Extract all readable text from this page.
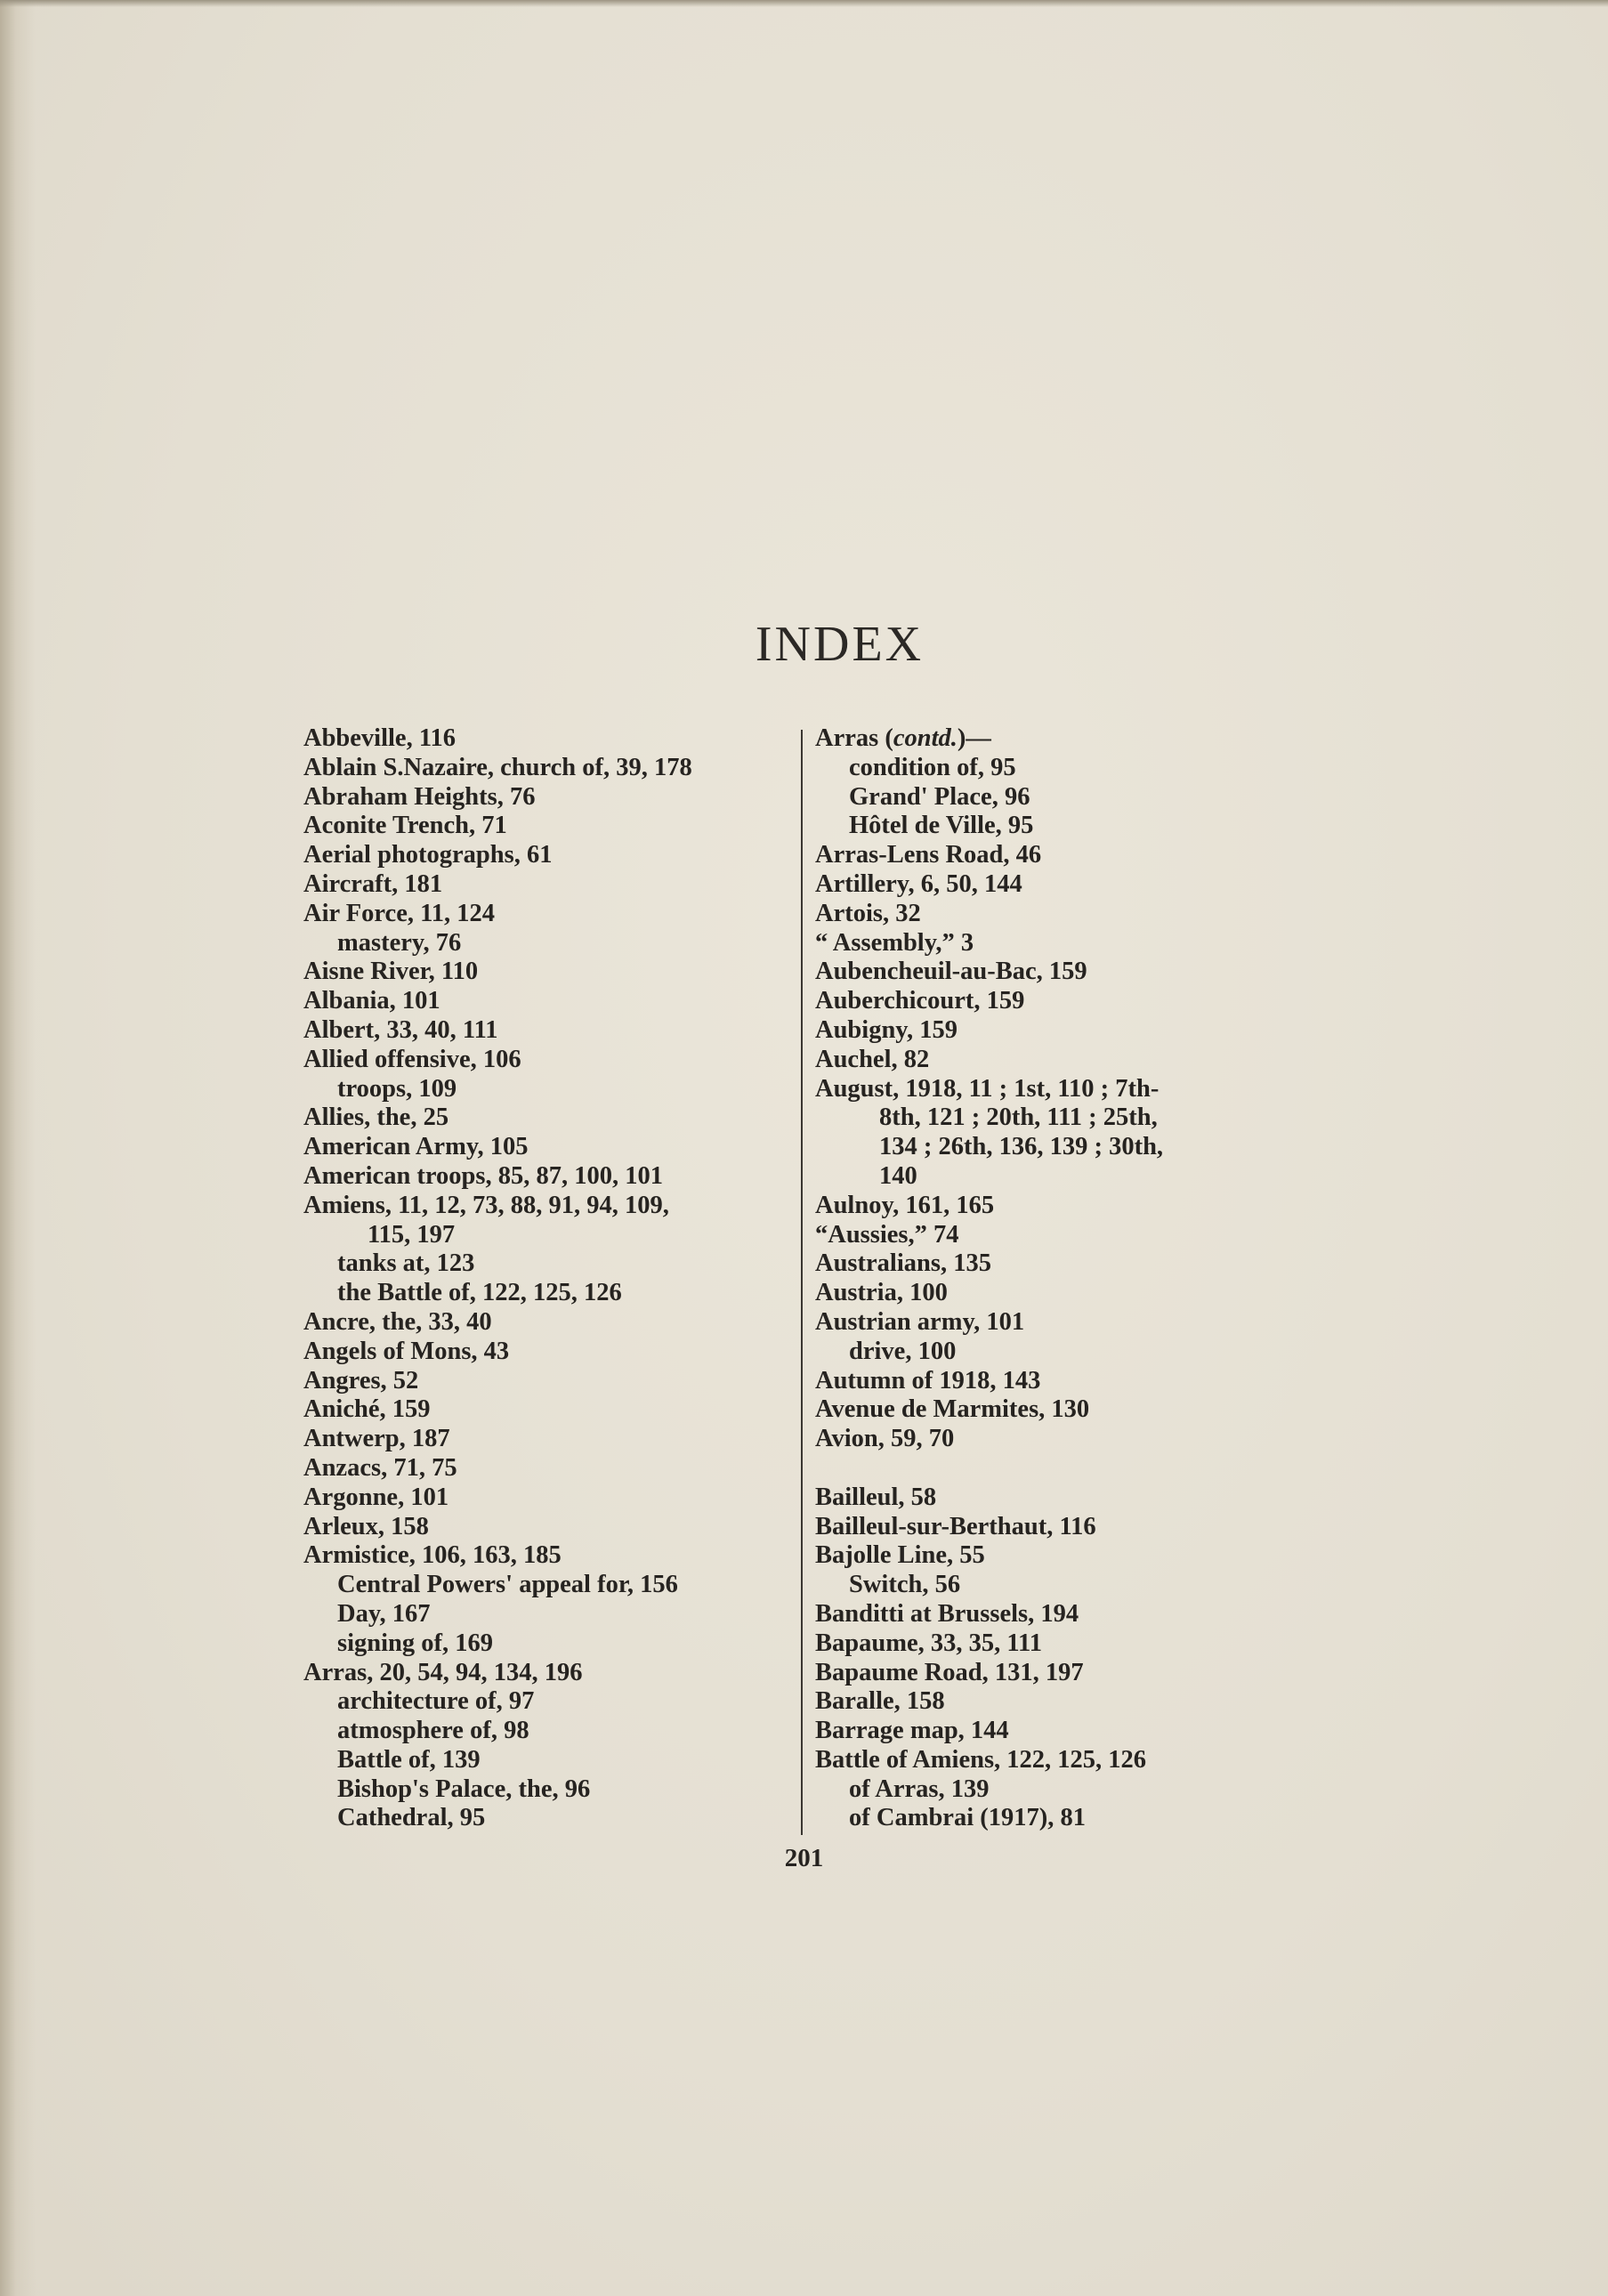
INDEX
Abbeville, 116
Ablain S.Nazaire, church of, 39, 178
Abraham Heights, 76
Aconite Trench, 71
Aerial photographs, 61
Aircraft, 181
Air Force, 11, 124
mastery, 76
Aisne River, 110
Albania, 101
Albert, 33, 40, 111
Allied offensive, 106
troops, 109
Allies, the, 25
American Army, 105
American troops, 85, 87, 100, 101
Amiens, 11, 12, 73, 88, 91, 94, 109,
115, 197
tanks at, 123
the Battle of, 122, 125, 126
Ancre, the, 33, 40
Angels of Mons, 43
Angres, 52
Aniché, 159
Antwerp, 187
Anzacs, 71, 75
Argonne, 101
Arleux, 158
Armistice, 106, 163, 185
Central Powers' appeal for, 156
Day, 167
signing of, 169
Arras, 20, 54, 94, 134, 196
architecture of, 97
atmosphere of, 98
Battle of, 139
Bishop's Palace, the, 96
Cathedral, 95
Arras (contd.)—
condition of, 95
Grand' Place, 96
Hôtel de Ville, 95
Arras-Lens Road, 46
Artillery, 6, 50, 144
Artois, 32
“ Assembly,” 3
Aubencheuil-au-Bac, 159
Auberchicourt, 159
Aubigny, 159
Auchel, 82
August, 1918, 11 ; 1st, 110 ; 7th-
8th, 121 ; 20th, 111 ; 25th,
134 ; 26th, 136, 139 ; 30th,
140
Aulnoy, 161, 165
“Aussies,” 74
Australians, 135
Austria, 100
Austrian army, 101
drive, 100
Autumn of 1918, 143
Avenue de Marmites, 130
Avion, 59, 70
Bailleul, 58
Bailleul-sur-Berthaut, 116
Bajolle Line, 55
Switch, 56
Banditti at Brussels, 194
Bapaume, 33, 35, 111
Bapaume Road, 131, 197
Baralle, 158
Barrage map, 144
Battle of Amiens, 122, 125, 126
of Arras, 139
of Cambrai (1917), 81
201
